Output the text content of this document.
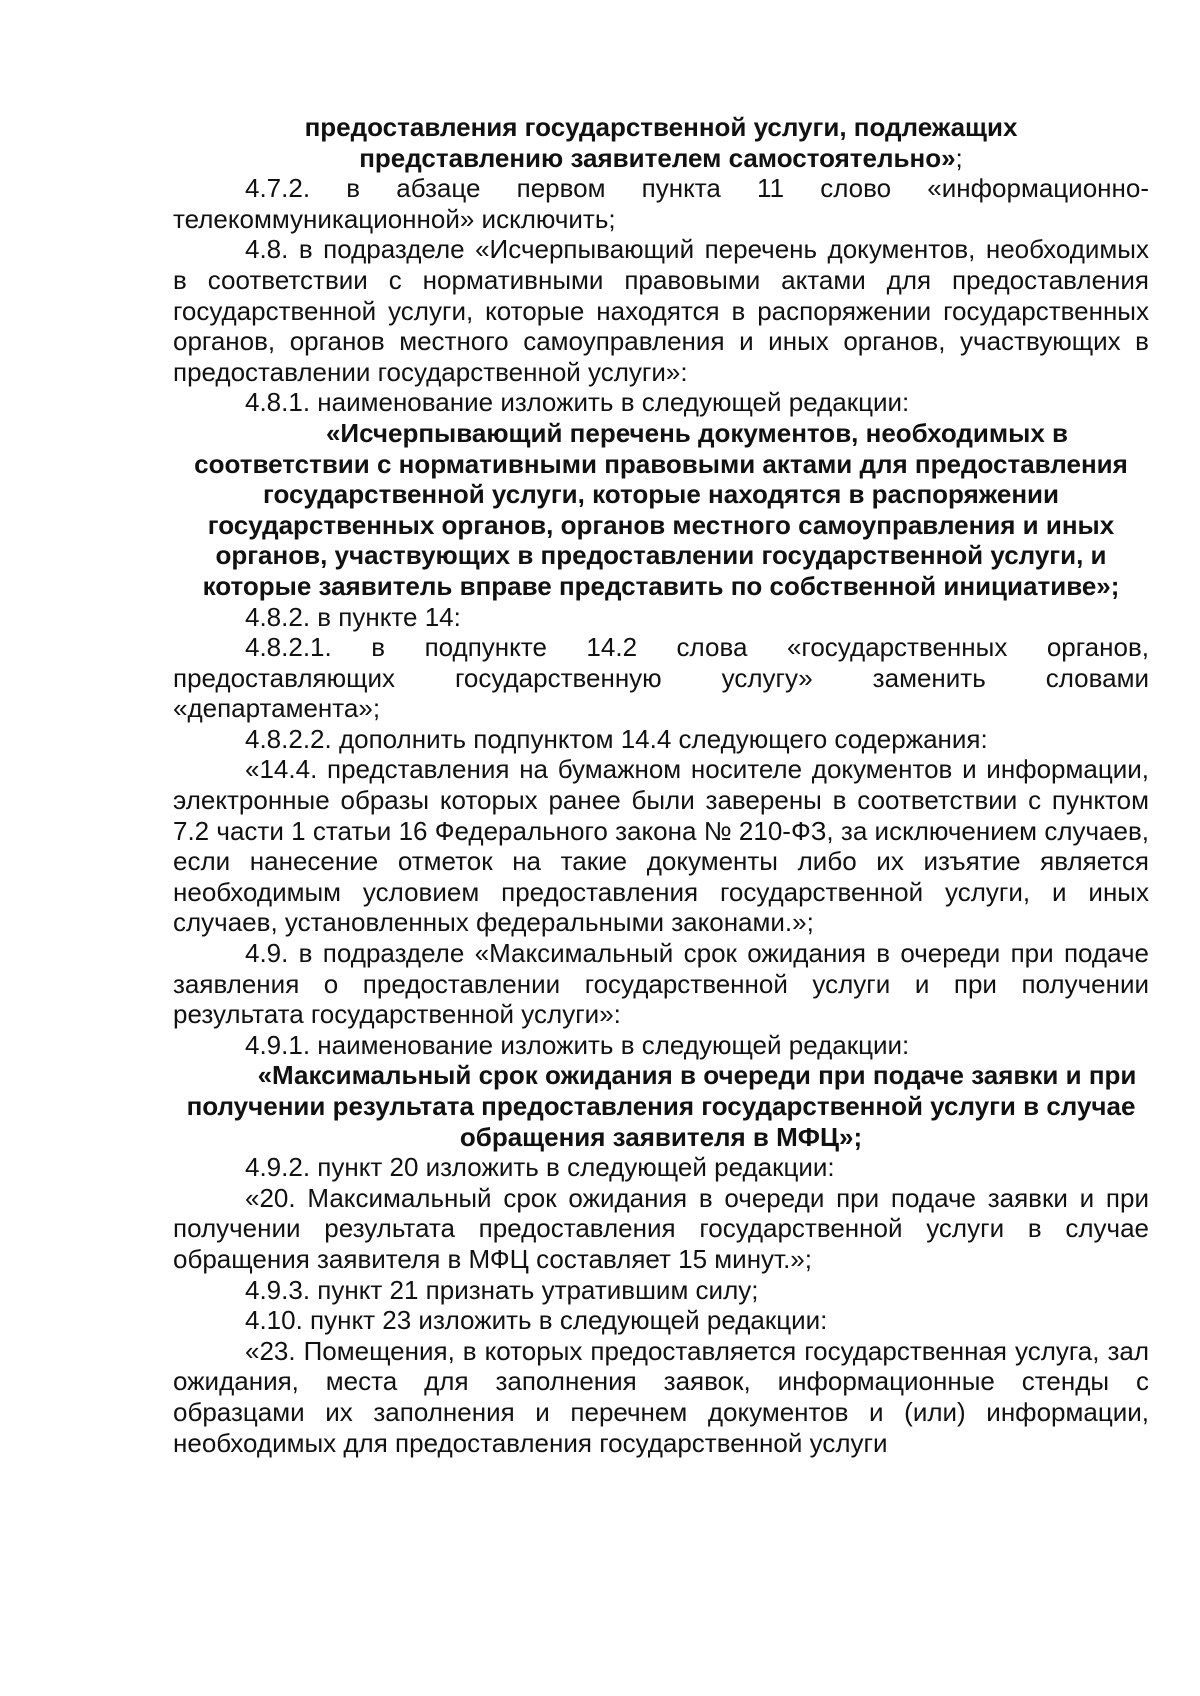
предоставления государственной услуги, подлежащих представлению заявителем самостоятельно»;

4.7.2. в абзаце первом пункта 11 слово «информационно-телекоммуникационной» исключить;

4.8. в подразделе «Исчерпывающий перечень документов, необходимых в соответствии с нормативными правовыми актами для предоставления государственной услуги, которые находятся в распоряжении государственных органов, органов местного самоуправления и иных органов, участвующих в предоставлении государственной услуги»:

4.8.1. наименование изложить в следующей редакции:

«Исчерпывающий перечень документов, необходимых в соответствии с нормативными правовыми актами для предоставления государственной услуги, которые находятся в распоряжении государственных органов, органов местного самоуправления и иных органов, участвующих в предоставлении государственной услуги, и которые заявитель вправе представить по собственной инициативе»;

4.8.2. в пункте 14:

4.8.2.1. в подпункте 14.2 слова «государственных органов, предоставляющих государственную услугу» заменить словами «департамента»;

4.8.2.2. дополнить подпунктом 14.4 следующего содержания:

«14.4. представления на бумажном носителе документов и информации, электронные образы которых ранее были заверены в соответствии с пунктом 7.2 части 1 статьи 16 Федерального закона № 210-ФЗ, за исключением случаев, если нанесение отметок на такие документы либо их изъятие является необходимым условием предоставления государственной услуги, и иных случаев, установленных федеральными законами.»;

4.9. в подразделе «Максимальный срок ожидания в очереди при подаче заявления о предоставлении государственной услуги и при получении результата государственной услуги»:

4.9.1. наименование изложить в следующей редакции:

«Максимальный срок ожидания в очереди при подаче заявки и при получении результата предоставления государственной услуги в случае обращения заявителя в МФЦ»;

4.9.2. пункт 20 изложить в следующей редакции:

«20. Максимальный срок ожидания в очереди при подаче заявки и при получении результата предоставления государственной услуги в случае обращения заявителя в МФЦ составляет 15 минут.»;

4.9.3. пункт 21 признать утратившим силу;

4.10. пункт 23 изложить в следующей редакции:

«23. Помещения, в которых предоставляется государственная услуга, зал ожидания, места для заполнения заявок, информационные стенды с образцами их заполнения и перечнем документов и (или) информации, необходимых для предоставления государственной услуги
